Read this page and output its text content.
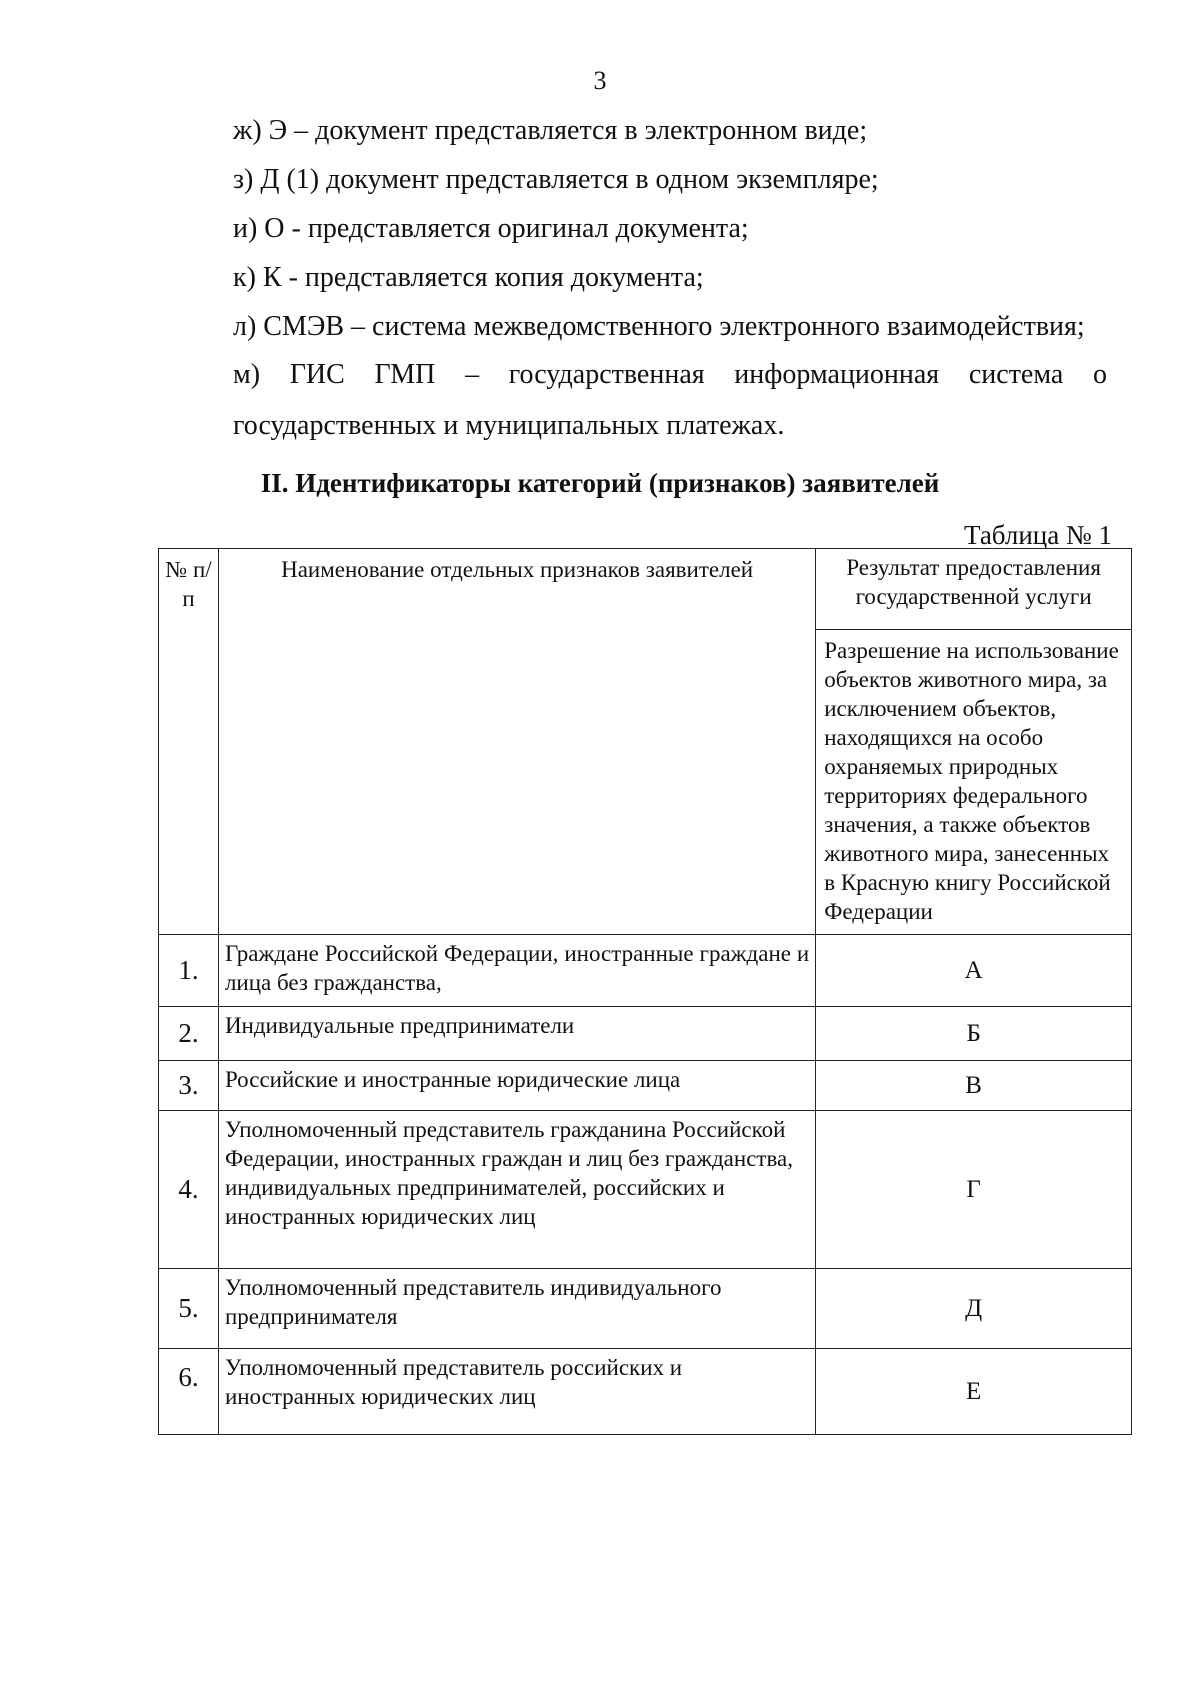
3
ж) Э – документ представляется в электронном виде;
з) Д (1) документ представляется в одном экземпляре;
и) О - представляется оригинал документа;
к) К - представляется копия документа;
л) СМЭВ – система межведомственного электронного взаимодействия;
м) ГИС ГМП – государственная информационная система о
государственных и муниципальных платежах.
II. Идентификаторы категорий (признаков) заявителей
Таблица № 1
№ п/п	Наименование отдельных признаков заявителей	Результат предоставления государственной услуги
		Разрешение на использование объектов животного мира, за исключением объектов, находящихся на особо охраняемых природных территориях федерального значения, а также объектов животного мира, занесенных в Красную книгу Российской Федерации
1.	Граждане Российской Федерации, иностранные граждане и лица без гражданства,	А
2.	Индивидуальные предприниматели	Б
3.	Российские и иностранные юридические лица	В
4.	Уполномоченный представитель гражданина Российской Федерации, иностранных граждан и лиц без гражданства, индивидуальных предпринимателей, российских и иностранных юридических лиц	Г
5.	Уполномоченный представитель индивидуального предпринимателя	Д
6.	Уполномоченный представитель российских и иностранных юридических лиц	Е
